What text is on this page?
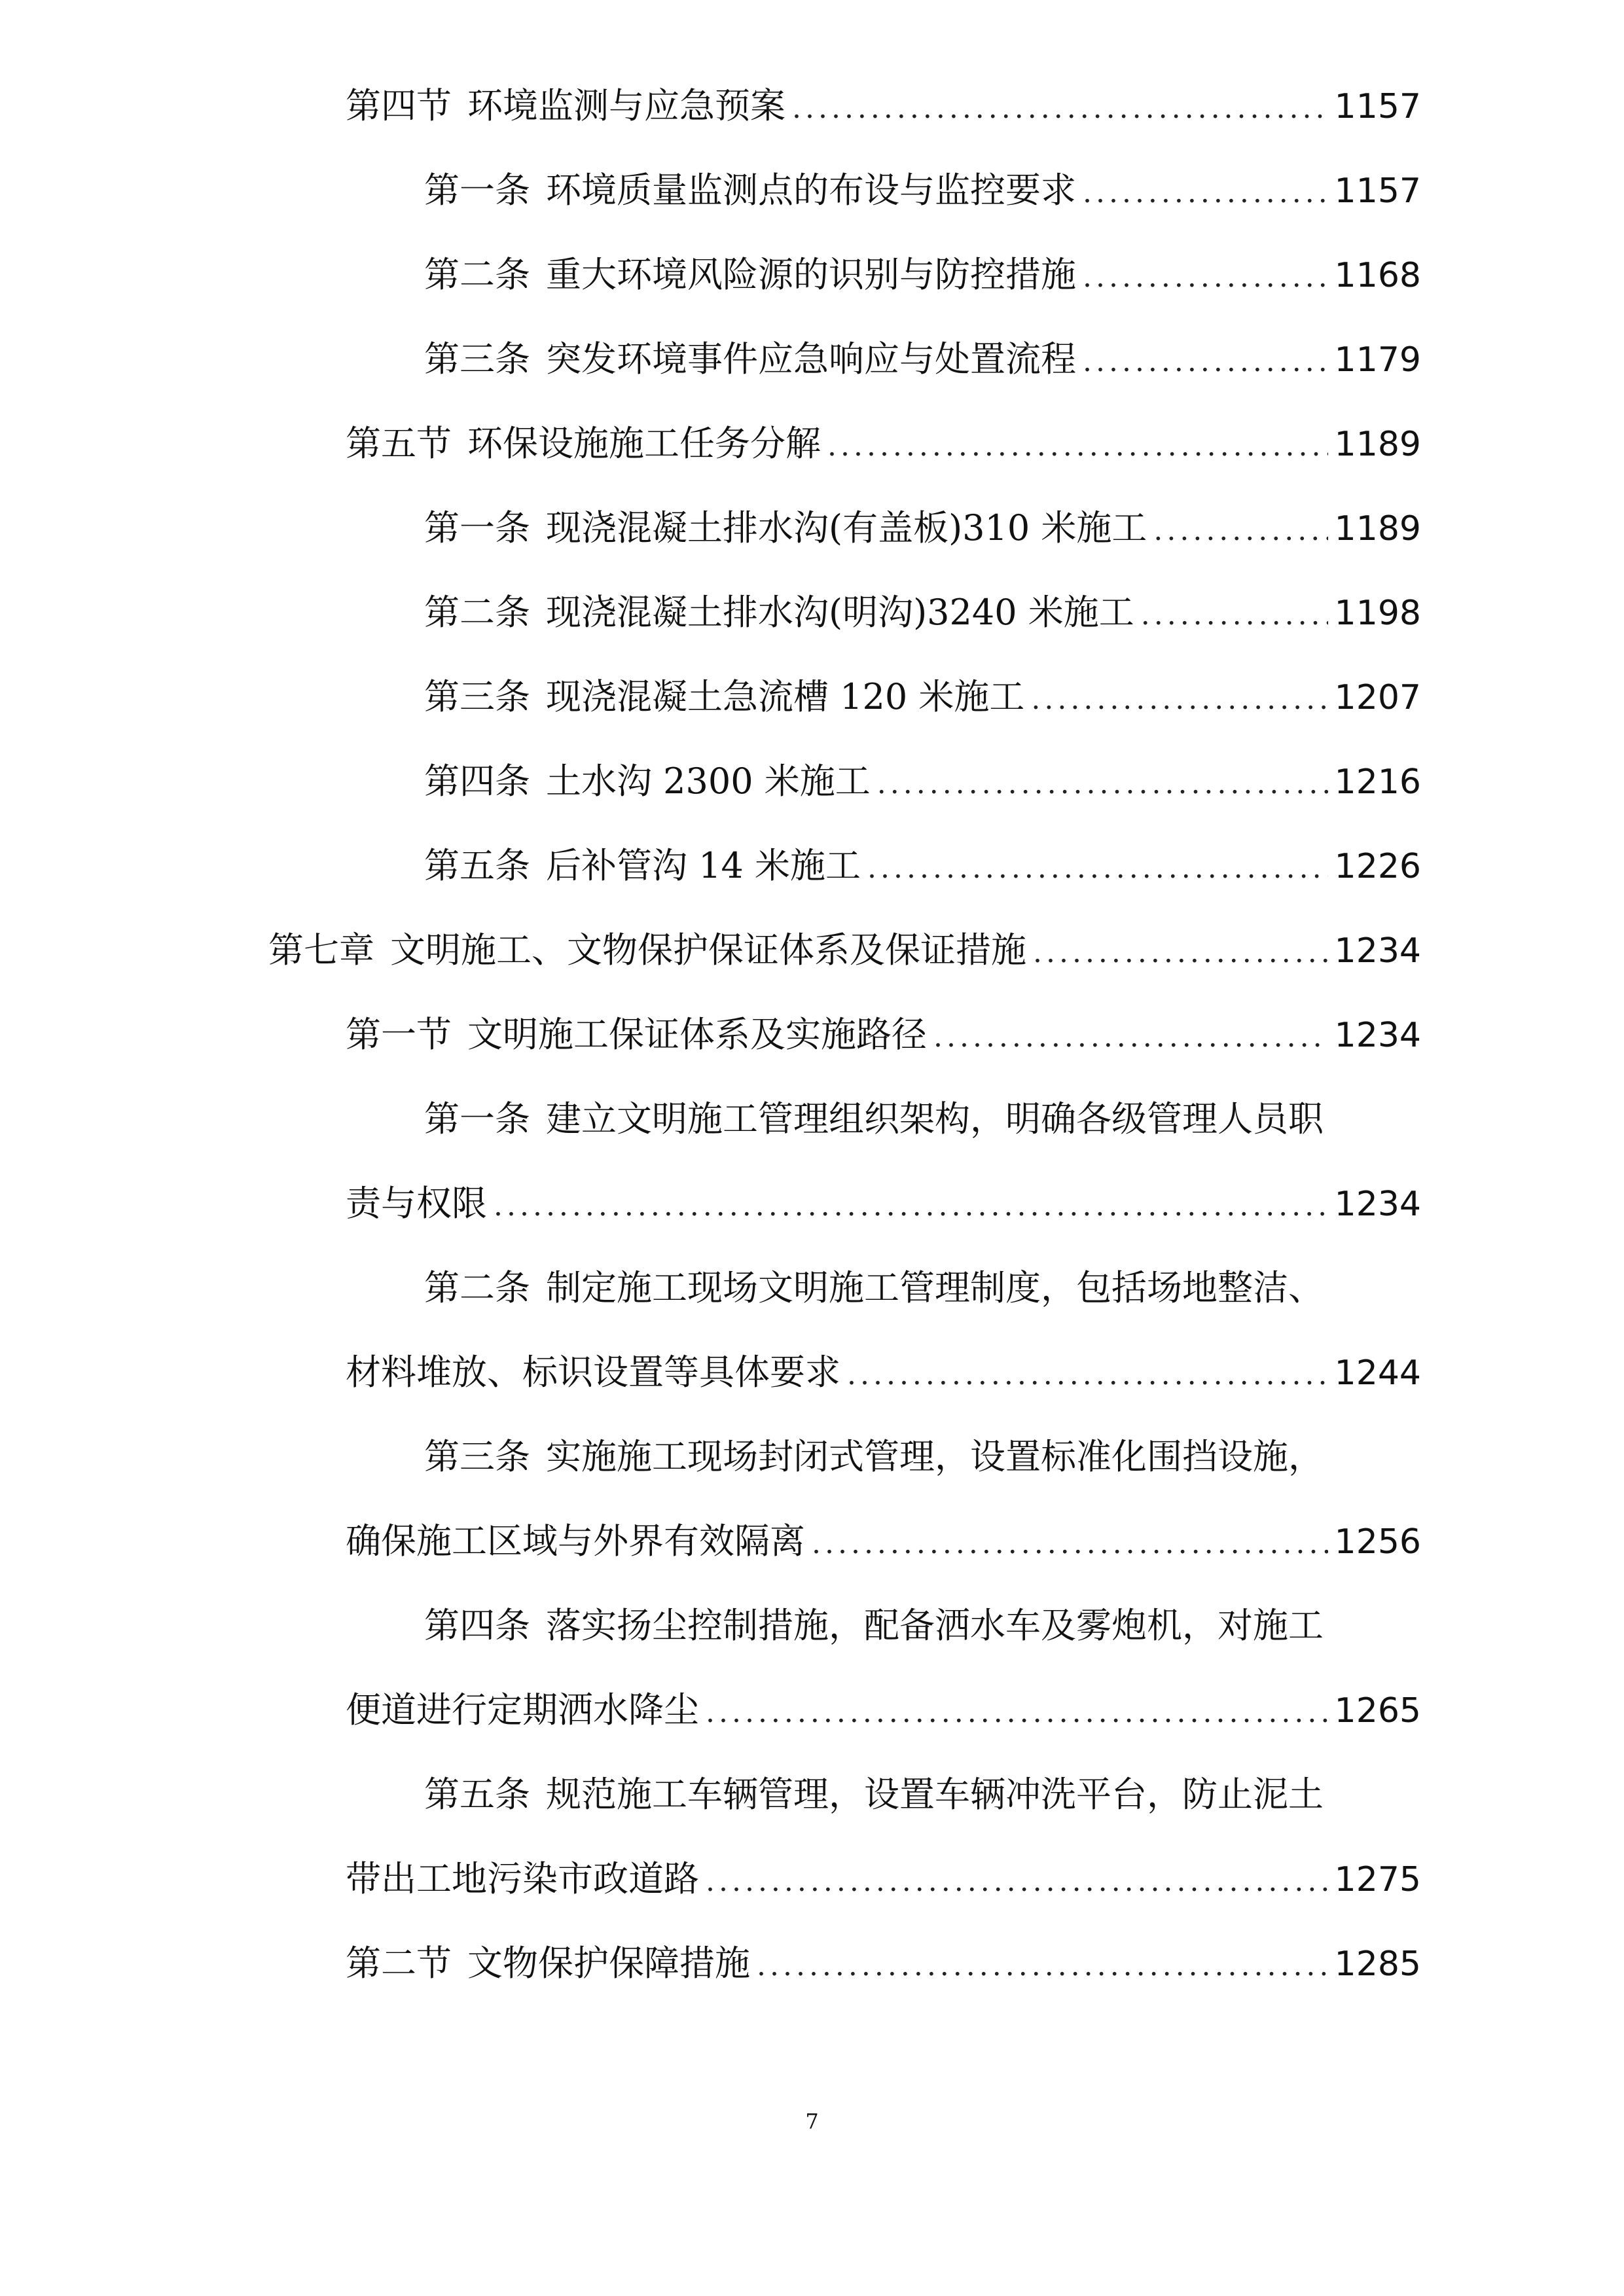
第四节 环境监测与应急预案 .....	1157
第一条 环境质量监测点的布设与监控要求 .....	1157
第二条 重大环境风险源的识别与防控措施 .....	1168
第三条 突发环境事件应急响应与处置流程 .....	1179
第五节 环保设施施工任务分解 .....	1189
第一条 现浇混凝土排水沟(有盖板)310 米施工 .....	1189
第二条 现浇混凝土排水沟(明沟)3240 米施工 .....	1198
第三条 现浇混凝土急流槽 120 米施工 .....	1207
第四条 土水沟 2300 米施工 .....	1216
第五条 后补管沟 14 米施工 .....	1226
第七章 文明施工、文物保护保证体系及保证措施 .....	1234
第一节 文明施工保证体系及实施路径 .....	1234
第一条 建立文明施工管理组织架构，明确各级管理人员职
责与权限 .....	1234
第二条 制定施工现场文明施工管理制度，包括场地整洁、
材料堆放、标识设置等具体要求 .....	1244
第三条 实施施工现场封闭式管理，设置标准化围挡设施，
确保施工区域与外界有效隔离 .....	1256
第四条 落实扬尘控制措施，配备洒水车及雾炮机，对施工
便道进行定期洒水降尘 .....	1265
第五条 规范施工车辆管理，设置车辆冲洗平台，防止泥土
带出工地污染市政道路 .....	1275
第二节 文物保护保障措施 .....	1285
7
